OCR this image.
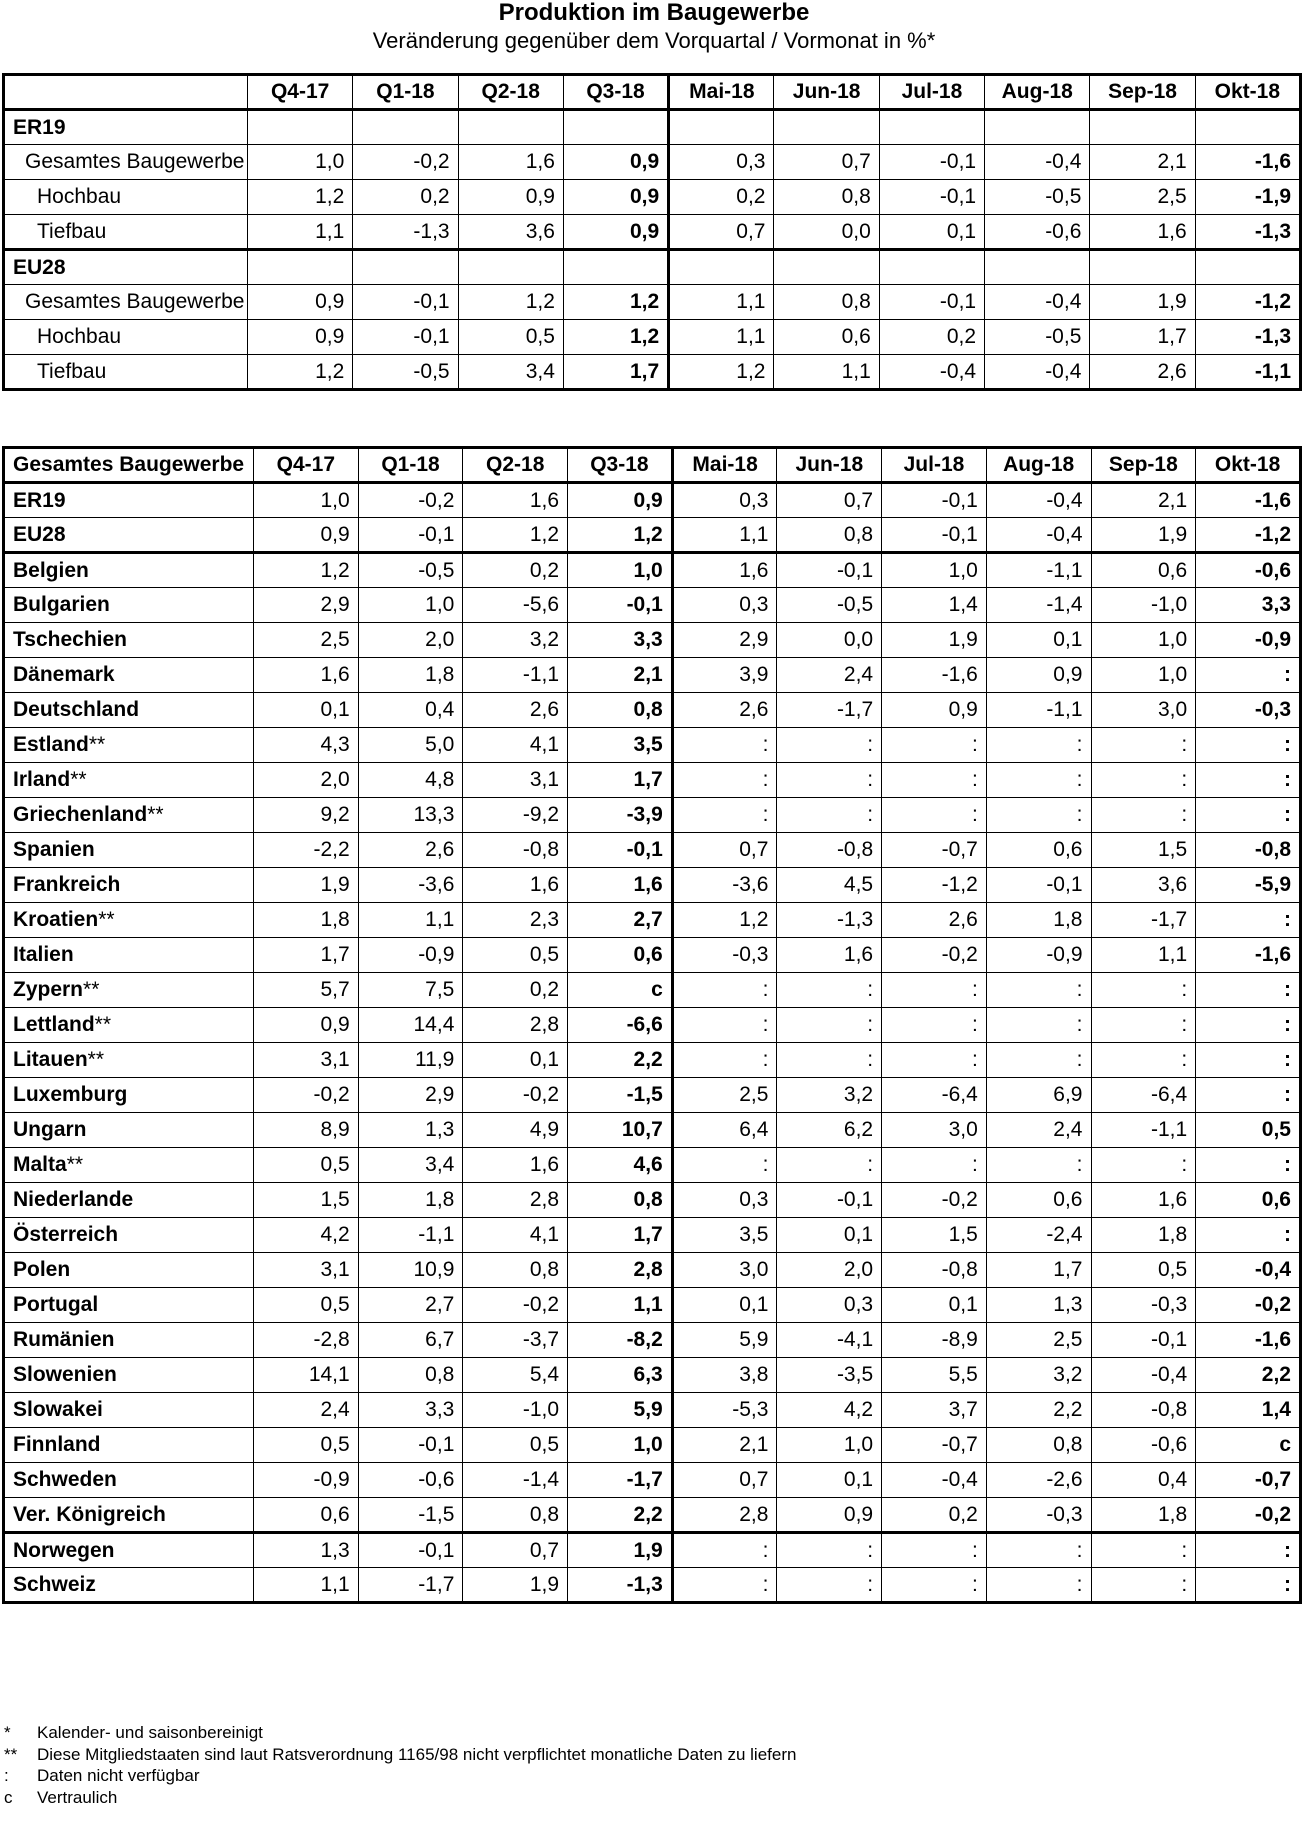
Produktion im Baugewerbe
Veränderung gegenüber dem Vorquartal / Vormonat in %*
	Q4-17	Q1-18	Q2-18	Q3-18	Mai-18	Jun-18	Jul-18	Aug-18	Sep-18	Okt-18
ER19										
Gesamtes Baugewerbe	1,0	-0,2	1,6	0,9	0,3	0,7	-0,1	-0,4	2,1	-1,6
Hochbau	1,2	0,2	0,9	0,9	0,2	0,8	-0,1	-0,5	2,5	-1,9
Tiefbau	1,1	-1,3	3,6	0,9	0,7	0,0	0,1	-0,6	1,6	-1,3
EU28										
Gesamtes Baugewerbe	0,9	-0,1	1,2	1,2	1,1	0,8	-0,1	-0,4	1,9	-1,2
Hochbau	0,9	-0,1	0,5	1,2	1,1	0,6	0,2	-0,5	1,7	-1,3
Tiefbau	1,2	-0,5	3,4	1,7	1,2	1,1	-0,4	-0,4	2,6	-1,1
Gesamtes Baugewerbe	Q4-17	Q1-18	Q2-18	Q3-18	Mai-18	Jun-18	Jul-18	Aug-18	Sep-18	Okt-18
ER19	1,0	-0,2	1,6	0,9	0,3	0,7	-0,1	-0,4	2,1	-1,6
EU28	0,9	-0,1	1,2	1,2	1,1	0,8	-0,1	-0,4	1,9	-1,2
Belgien	1,2	-0,5	0,2	1,0	1,6	-0,1	1,0	-1,1	0,6	-0,6
Bulgarien	2,9	1,0	-5,6	-0,1	0,3	-0,5	1,4	-1,4	-1,0	3,3
Tschechien	2,5	2,0	3,2	3,3	2,9	0,0	1,9	0,1	1,0	-0,9
Dänemark	1,6	1,8	-1,1	2,1	3,9	2,4	-1,6	0,9	1,0	:
Deutschland	0,1	0,4	2,6	0,8	2,6	-1,7	0,9	-1,1	3,0	-0,3
Estland**	4,3	5,0	4,1	3,5	:	:	:	:	:	:
Irland**	2,0	4,8	3,1	1,7	:	:	:	:	:	:
Griechenland**	9,2	13,3	-9,2	-3,9	:	:	:	:	:	:
Spanien	-2,2	2,6	-0,8	-0,1	0,7	-0,8	-0,7	0,6	1,5	-0,8
Frankreich	1,9	-3,6	1,6	1,6	-3,6	4,5	-1,2	-0,1	3,6	-5,9
Kroatien**	1,8	1,1	2,3	2,7	1,2	-1,3	2,6	1,8	-1,7	:
Italien	1,7	-0,9	0,5	0,6	-0,3	1,6	-0,2	-0,9	1,1	-1,6
Zypern**	5,7	7,5	0,2	c	:	:	:	:	:	:
Lettland**	0,9	14,4	2,8	-6,6	:	:	:	:	:	:
Litauen**	3,1	11,9	0,1	2,2	:	:	:	:	:	:
Luxemburg	-0,2	2,9	-0,2	-1,5	2,5	3,2	-6,4	6,9	-6,4	:
Ungarn	8,9	1,3	4,9	10,7	6,4	6,2	3,0	2,4	-1,1	0,5
Malta**	0,5	3,4	1,6	4,6	:	:	:	:	:	:
Niederlande	1,5	1,8	2,8	0,8	0,3	-0,1	-0,2	0,6	1,6	0,6
Österreich	4,2	-1,1	4,1	1,7	3,5	0,1	1,5	-2,4	1,8	:
Polen	3,1	10,9	0,8	2,8	3,0	2,0	-0,8	1,7	0,5	-0,4
Portugal	0,5	2,7	-0,2	1,1	0,1	0,3	0,1	1,3	-0,3	-0,2
Rumänien	-2,8	6,7	-3,7	-8,2	5,9	-4,1	-8,9	2,5	-0,1	-1,6
Slowenien	14,1	0,8	5,4	6,3	3,8	-3,5	5,5	3,2	-0,4	2,2
Slowakei	2,4	3,3	-1,0	5,9	-5,3	4,2	3,7	2,2	-0,8	1,4
Finnland	0,5	-0,1	0,5	1,0	2,1	1,0	-0,7	0,8	-0,6	c
Schweden	-0,9	-0,6	-1,4	-1,7	0,7	0,1	-0,4	-2,6	0,4	-0,7
Ver. Königreich	0,6	-1,5	0,8	2,2	2,8	0,9	0,2	-0,3	1,8	-0,2
Norwegen	1,3	-0,1	0,7	1,9	:	:	:	:	:	:
Schweiz	1,1	-1,7	1,9	-1,3	:	:	:	:	:	:
*	Kalender- und saisonbereinigt
**	Diese Mitgliedstaaten sind laut Ratsverordnung 1165/98 nicht verpflichtet monatliche Daten zu liefern
:	Daten nicht verfügbar
c	Vertraulich
